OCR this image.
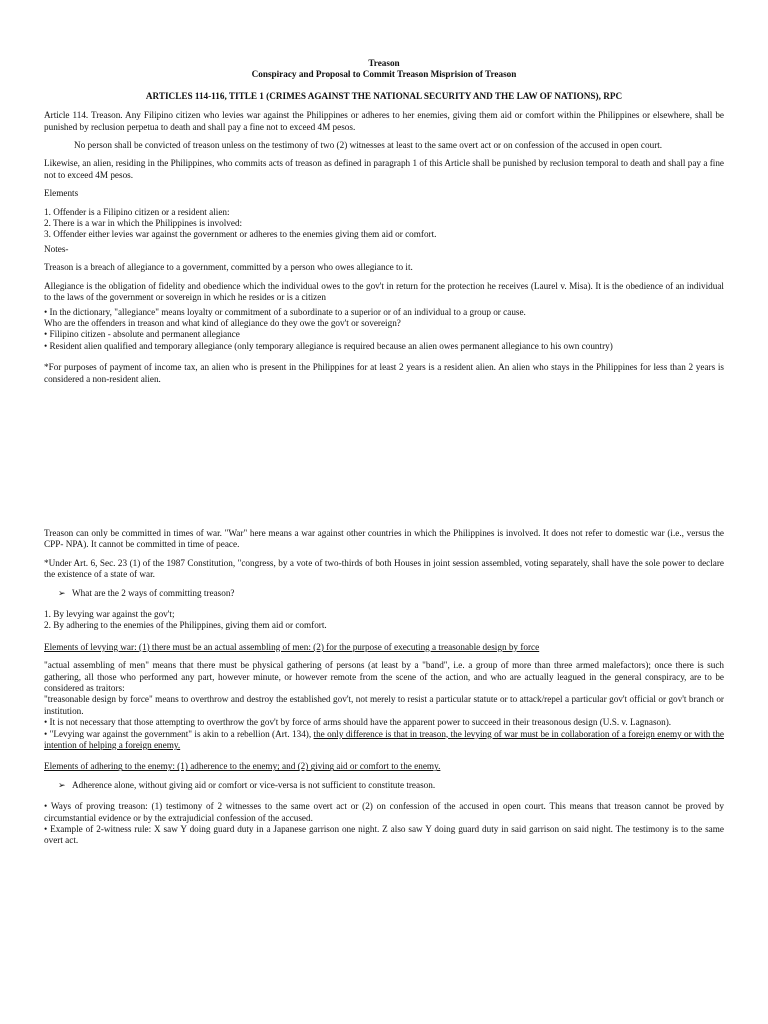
Treason
Conspiracy and Proposal to Commit Treason Misprision of Treason
ARTICLES 114-116, TITLE 1 (CRIMES AGAINST THE NATIONAL SECURITY AND THE LAW OF NATIONS), RPC

Article 114. Treason. Any Filipino citizen who levies war against the Philippines or adheres to her enemies, giving them aid or comfort within the Philippines or elsewhere, shall be punished by reclusion perpetua to death and shall pay a fine not to exceed 4M pesos.

No person shall be convicted of treason unless on the testimony of two (2) witnesses at least to the same overt act or on confession of the accused in open court.

Likewise, an alien, residing in the Philippines, who commits acts of treason as defined in paragraph 1 of this Article shall be punished by reclusion temporal to death and shall pay a fine not to exceed 4M pesos.

Elements

1. Offender is a Filipino citizen or a resident alien:

2. There is a war in which the Philippines is involved:

3. Offender either levies war against the government or adheres to the enemies giving them aid or comfort.

Notes-

Treason is a breach of allegiance to a government, committed by a person who owes allegiance to it.

Allegiance is the obligation of fidelity and obedience which the individual owes to the gov't in return for the protection he receives (Laurel v. Misa). It is the obedience of an individual to the laws of the government or sovereign in which he resides or is a citizen

• In the dictionary, "allegiance" means loyalty or commitment of a subordinate to a superior or of an individual to a group or cause.

Who are the offenders in treason and what kind of allegiance do they owe the gov't or sovereign?

• Filipino citizen - absolute and permanent allegiance

• Resident alien qualified and temporary allegiance (only temporary allegiance is required because an alien owes permanent allegiance to his own country)

*For purposes of payment of income tax, an alien who is present in the Philippines for at least 2 years is a resident alien. An alien who stays in the Philippines for less than 2 years is considered a non-resident alien.

Treason can only be committed in times of war. "War" here means a war against other countries in which the Philippines is involved. It does not refer to domestic war (i.e., versus the CPP- NPA). It cannot be committed in time of peace.

*Under Art. 6, Sec. 23 (1) of the 1987 Constitution, "congress, by a vote of two-thirds of both Houses in joint session assembled, voting separately, shall have the sole power to declare the existence of a state of war.

➢ What are the 2 ways of committing treason?

1. By levying war against the gov't;

2. By adhering to the enemies of the Philippines, giving them aid or comfort.

Elements of levying war: (1) there must be an actual assembling of men: (2) for the purpose of executing a treasonable design by force

"actual assembling of men" means that there must be physical gathering of persons (at least by a "band", i.e. a group of more than three armed malefactors); once there is such gathering, all those who performed any part, however minute, or however remote from the scene of the action, and who are actually leagued in the general conspiracy, are to be considered as traitors:

"treasonable design by force" means to overthrow and destroy the established gov't, not merely to resist a particular statute or to attack/repel a particular gov't official or gov't branch or institution.

• It is not necessary that those attempting to overthrow the gov't by force of arms should have the apparent power to succeed in their treasonous design (U.S. v. Lagnason).

• "Levying war against the government" is akin to a rebellion (Art. 134), the only difference is that in treason, the levying of war must be in collaboration of a foreign enemy or with the intention of helping a foreign enemy.

Elements of adhering to the enemy: (1) adherence to the enemy; and (2) giving aid or comfort to the enemy.

➢ Adherence alone, without giving aid or comfort or vice-versa is not sufficient to constitute treason.

• Ways of proving treason: (1) testimony of 2 witnesses to the same overt act or (2) on confession of the accused in open court. This means that treason cannot be proved by circumstantial evidence or by the extrajudicial confession of the accused.

• Example of 2-witness rule: X saw Y doing guard duty in a Japanese garrison one night. Z also saw Y doing guard duty in said garrison on said night. The testimony is to the same overt act.
